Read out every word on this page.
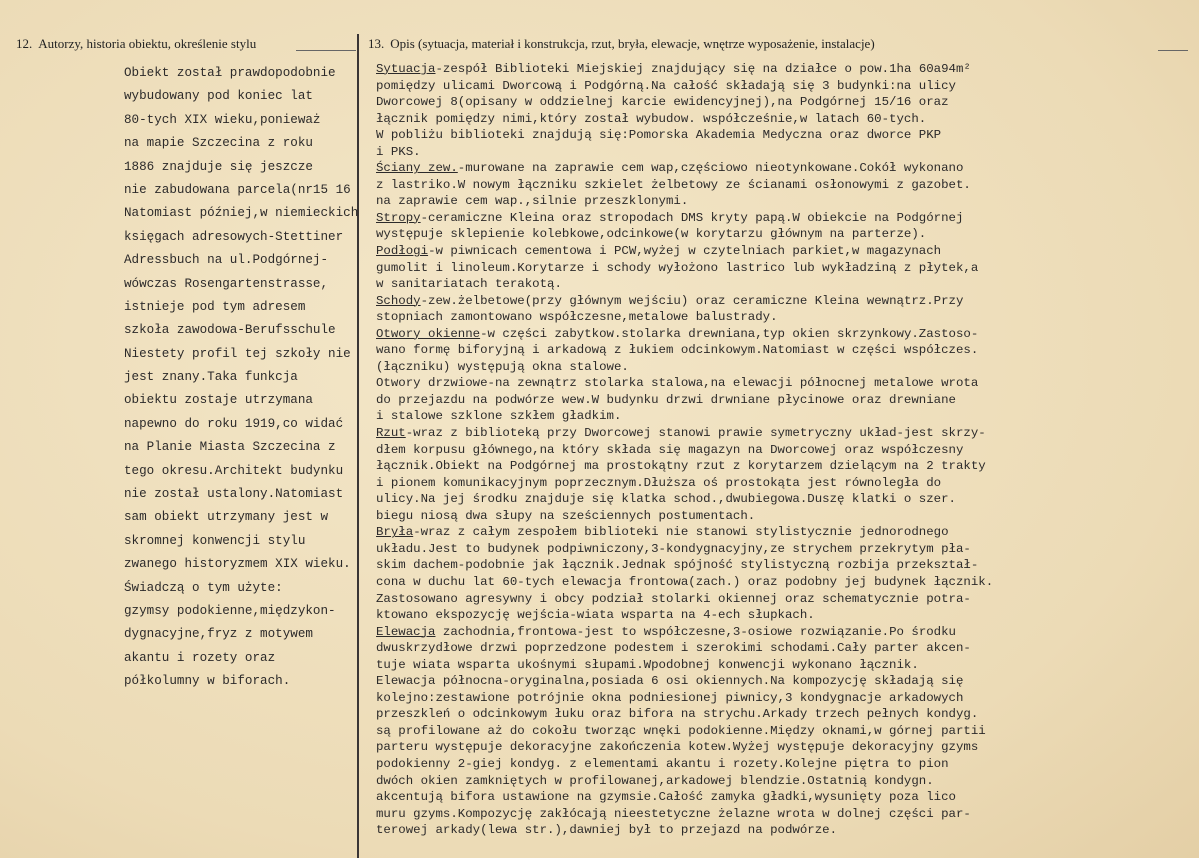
12. Autorzy, historia obiektu, określenie stylu	13. Opis (sytuacja, materiał i konstrukcja, rzut, bryła, elewacje, wnętrze wyposażenie, instalacje)
Obiekt został prawdopodobnie
wybudowany pod koniec lat
80-tych XIX wieku,ponieważ
na mapie Szczecina z roku
1886 znajduje się jeszcze
nie zabudowana parcela(nr15 16
Natomiast później,w niemieckich
księgach adresowych-Stettiner
Adressbuch na ul.Podgórnej-
wówczas Rosengartenstrasse,
istnieje pod tym adresem
szkoła zawodowa-Berufsschule
Niestety profil tej szkoły nie
jest znany.Taka funkcja
obiektu zostaje utrzymana
napewno do roku 1919,co widać
na Planie Miasta Szczecina z
tego okresu.Architekt budynku
nie został ustalony.Natomiast
sam obiekt utrzymany jest w
skromnej konwencji stylu
zwanego historyzmem XIX wieku.
Świadczą o tym użyte:
gzymsy podokienne,międzykon-
dygnacyjne,fryz z motywem
akantu i rozety oraz
półkolumny w biforach.
Sytuacja-zespół Biblioteki Miejskiej znajdujący się na działce o pow.1ha 60a94m²
pomiędzy ulicami Dworcową i Podgórną.Na całość składają się 3 budynki:na ulicy
Dworcowej 8(opisany w oddzielnej karcie ewidencyjnej),na Podgórnej 15/16 oraz
łącznik pomiędzy nimi,który został wybudow. współcześnie,w latach 60-tych.
W pobliżu biblioteki znajdują się:Pomorska Akademia Medyczna oraz dworce PKP
i PKS.
Ściany zew.-murowane na zaprawie cem wap,częściowo nieotynkowane.Cokół wykonano
z lastriko.W nowym łączniku szkielet żelbetowy ze ścianami osłonowymi z gazobet.
na zaprawie cem wap.,silnie przeszklonymi.
Stropy-ceramiczne Kleina oraz stropodach DMS kryty papą.W obiekcie na Podgórnej
występuje sklepienie kolebkowe,odcinkowe(w korytarzu głównym na parterze).
Podłogi-w piwnicach cementowa i PCW,wyżej w czytelniach parkiet,w magazynach
gumolit i linoleum.Korytarze i schody wyłożono lastrico lub wykładziną z płytek,a
w sanitariatach terakotą.
Schody-zew.żelbetowe(przy głównym wejściu) oraz ceramiczne Kleina wewnątrz.Przy
stopniach zamontowano współczesne,metalowe balustrady.
Otwory okienne-w części zabytkow.stolarka drewniana,typ okien skrzynkowy.Zastoso-
wano formę biforyjną i arkadową z łukiem odcinkowym.Natomiast w części współczes.
(łączniku) występują okna stalowe.
Otwory drzwiowe-na zewnątrz stolarka stalowa,na elewacji północnej metalowe wrota
do przejazdu na podwórze wew.W budynku drzwi drwniane płycinowe oraz drewniane
i stalowe szklone szkłem gładkim.
Rzut-wraz z biblioteką przy Dworcowej stanowi prawie symetryczny układ-jest skrzy-
dłem korpusu głównego,na który składa się magazyn na Dworcowej oraz współczesny
łącznik.Obiekt na Podgórnej ma prostokątny rzut z korytarzem dzielącym na 2 trakty
i pionem komunikacyjnym poprzecznym.Dłuższa oś prostokąta jest równoległa do
ulicy.Na jej środku znajduje się klatka schod.,dwubiegowa.Duszę klatki o szer.
biegu niosą dwa słupy na sześciennych postumentach.
Bryła-wraz z całym zespołem biblioteki nie stanowi stylistycznie jednorodnego
układu.Jest to budynek podpiwniczony,3-kondygnacyjny,ze strychem przekrytym pła-
skim dachem-podobnie jak łącznik.Jednak spójność stylistyczną rozbija przekształ-
cona w duchu lat 60-tych elewacja frontowa(zach.) oraz podobny jej budynek łącznik.
Zastosowano agresywny i obcy podział stolarki okiennej oraz schematycznie potra-
ktowano ekspozycję wejścia-wiata wsparta na 4-ech słupkach.
Elewacja zachodnia,frontowa-jest to współczesne,3-osiowe rozwiązanie.Po środku
dwuskrzydłowe drzwi poprzedzone podestem i szerokimi schodami.Cały parter akcen-
tuje wiata wsparta ukośnymi słupami.Wpodobnej konwencji wykonano łącznik.
Elewacja północna-oryginalna,posiada 6 osi okiennych.Na kompozycję składają się
kolejno:zestawione potrójnie okna podniesionej piwnicy,3 kondygnacje arkadowych
przeszkleń o odcinkowym łuku oraz bifora na strychu.Arkady trzech pełnych kondyg.
są profilowane aż do cokołu tworząc wnęki podokienne.Między oknami,w górnej partii
parteru występuje dekoracyjne zakończenia kotew.Wyżej występuje dekoracyjny gzyms
podokienny 2-giej kondyg. z elementami akantu i rozety.Kolejne piętra to pion
dwóch okien zamkniętych w profilowanej,arkadowej blendzie.Ostatnią kondygn.
akcentują bifora ustawione na gzymsie.Całość zamyka gładki,wysunięty poza lico
muru gzyms.Kompozycję zakłócają nieestetyczne żelazne wrota w dolnej części par-
terowej arkady(lewa str.),dawniej był to przejazd na podwórze.
